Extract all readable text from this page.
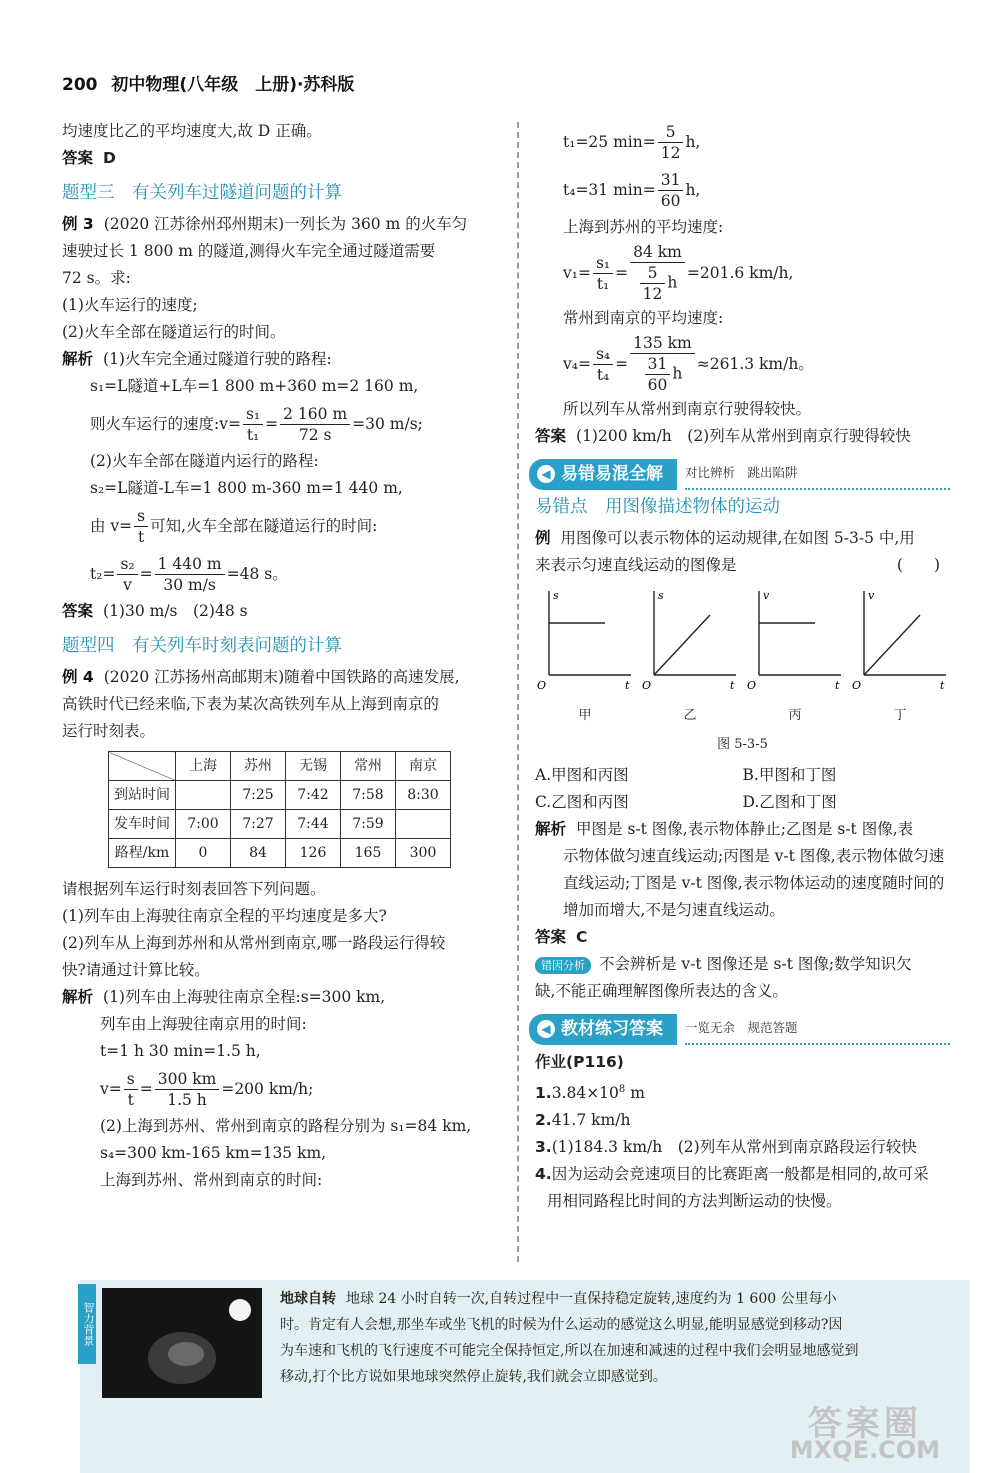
200 初中物理(八年级　上册)·苏科版
均速度比乙的平均速度大,故 D 正确。
答案 D
题型三　有关列车过隧道问题的计算
例 3 (2020 江苏徐州邳州期末)一列长为 360 m 的火车匀
速驶过长 1 800 m 的隧道,测得火车完全通过隧道需要
72 s。求:
(1)火车运行的速度;
(2)火车全部在隧道运行的时间。
解析 (1)火车完全通过隧道行驶的路程:
s₁=L隧道+L车=1 800 m+360 m=2 160 m,
则火车运行的速度:v= $\frac{\text{s₁}}{\text{t₁}} = \frac{2 160 m}{72 s} =30$ m/s;
(2)火车全部在隧道内运行的路程:
s₂=L隧道-L车=1 800 m-360 m=1 440 m,
由 $v= \frac{s}{t}$ 可知,火车全部在隧道运行的时间:
$t_2= \frac{\text{s₂}}{v} = \frac{1 440 m}{30 m/s} =48$ s。
答案 (1)30 m/s　(2)48 s
题型四　有关列车时刻表问题的计算
例 4 (2020 江苏扬州高邮期末)随着中国铁路的高速发展,
高铁时代已经来临,下表为某次高铁列车从上海到南京的
运行时刻表。
	上海	苏州	无锡	常州	南京
到站时间		7:25	7:42	7:58	8:30
发车时间	7:00	7:27	7:44	7:59	
路程/km	0	84	126	165	300
请根据列车运行时刻表回答下列问题。
(1)列车由上海驶往南京全程的平均速度是多大?
(2)列车从上海到苏州和从常州到南京,哪一路段运行得较
快?请通过计算比较。
解析 (1)列车由上海驶往南京全程:s=300 km,
列车由上海驶往南京用的时间:
t=1 h 30 min=1.5 h,
$v= \frac{s}{t} = \frac{300 km}{1.5 h} =200$ km/h;
(2)上海到苏州、常州到南京的路程分别为 s₁=84 km,
s₄=300 km-165 km=135 km,
上海到苏州、常州到南京的时间:
t₁=25 $\min= \frac{5}{12} h$,
t₄=31 $\min= \frac{31}{60} h$,
上海到苏州的平均速度:
$v_1= \frac{\text{s₁}}{\text{t₁}} = \frac{84 km}{\frac{5}{12} h} =201.6$ km/h,
常州到南京的平均速度:
$v_4= \frac{\text{s₄}}{\text{t₄}} = \frac{135 km}{\frac{31}{60} h} \approx 261.3$ km/h。
所以列车从常州到南京行驶得较快。
答案 (1)200 km/h　(2)列车从常州到南京行驶得较快
◀ 易错易混全解 对比辨析　跳出陷阱
易错点　用图像描述物体的运动
例 用图像可以表示物体的运动规律,在如图 5-3-5 中,用
来表示匀速直线运动的图像是	(　　)
s
t
O
甲
s
t
O
乙
v
t
O
丙
v
t
O
丁
图 5-3-5
A.甲图和丙图	B.甲图和丁图
C.乙图和丙图	D.乙图和丁图
解析 甲图是 s-t 图像,表示物体静止;乙图是 s-t 图像,表
示物体做匀速直线运动;丙图是 v-t 图像,表示物体做匀速
直线运动;丁图是 v-t 图像,表示物体运动的速度随时间的
增加而增大,不是匀速直线运动。
答案 C
错因分析 不会辨析是 v-t 图像还是 s-t 图像;数学知识欠
缺,不能正确理解图像所表达的含义。
◀ 教材练习答案 一览无余　规范答题
作业(P116)
$1.3.84\times 10^8$ m
2.41.7 km/h
3.(1)184.3 km/h　(2)列车从常州到南京路段运行较快
4.因为运动会竞速项目的比赛距离一般都是相同的,故可采
用相同路程比时间的方法判断运动的快慢。
智力背景
地球自转 地球 24 小时自转一次,自转过程中一直保持稳定旋转,速度约为 1 600 公里每小
时。肯定有人会想,那坐车或坐飞机的时候为什么运动的感觉这么明显,能明显感觉到移动?因
为车速和飞机的飞行速度不可能完全保持恒定,所以在加速和减速的过程中我们会明显地感觉到
移动,打个比方说如果地球突然停止旋转,我们就会立即感觉到。
答案圈
MXQE.COM
